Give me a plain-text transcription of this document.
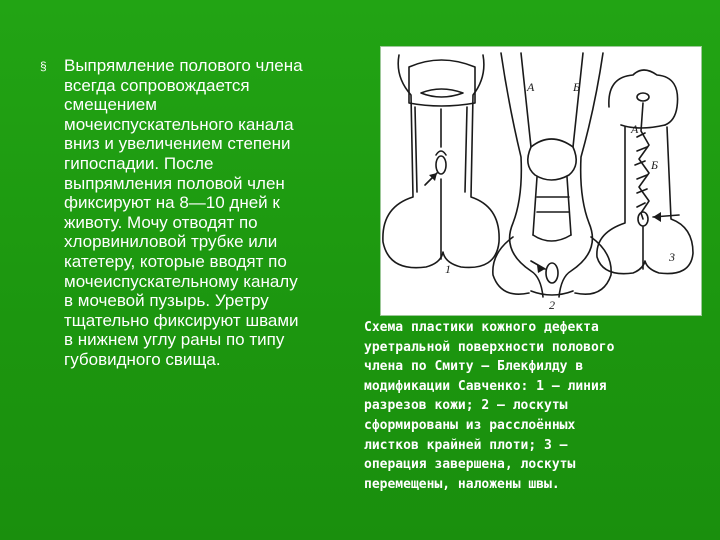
§ Выпрямление полового члена
всегда сопровождается
смещением
мочеиспускательного канала
вниз и увеличением степени
гипоспадии. После
выпрямления половой член
фиксируют на 8—10 дней к
животу. Мочу отводят по
хлорвиниловой трубке или
катетеру, которые вводят по
мочеиспускательному каналу
в мочевой пузырь. Уретру
тщательно фиксируют швами
в нижнем углу раны по типу
губовидного свища.
1
2
3
А	Б
А
Б
Схема пластики кожного дефекта
уретральной поверхности полового
члена по Смиту — Блекфилду в
модификации Савченко: 1 — линия
разрезов кожи; 2 — лоскуты
сформированы из расслоённых
листков крайней плоти; 3 —
операция завершена, лоскуты
перемещены, наложены швы.
